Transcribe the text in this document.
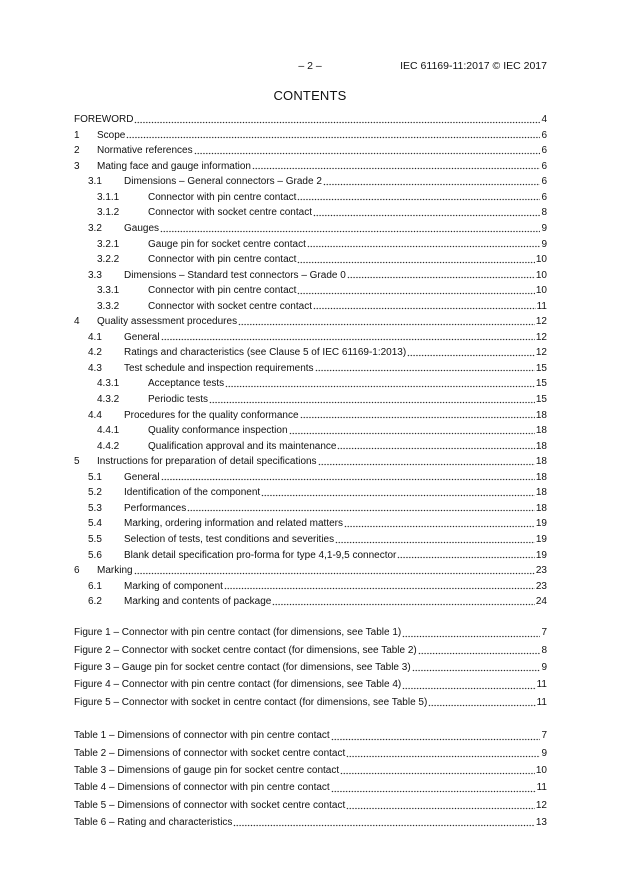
– 2 –	IEC 61169-11:2017 © IEC 2017
CONTENTS
FOREWORD	4
1	Scope	6
2	Normative references	6
3	Mating face and gauge information	6
3.1	Dimensions – General connectors – Grade 2	6
3.1.1	Connector with pin centre contact	6
3.1.2	Connector with socket centre contact	8
3.2	Gauges	9
3.2.1	Gauge pin for socket centre contact	9
3.2.2	Connector with pin centre contact	10
3.3	Dimensions – Standard test connectors – Grade 0	10
3.3.1	Connector with pin centre contact	10
3.3.2	Connector with socket centre contact	11
4	Quality assessment procedures	12
4.1	General	12
4.2	Ratings and characteristics (see Clause 5 of IEC 61169-1:2013)	12
4.3	Test schedule and inspection requirements	15
4.3.1	Acceptance tests	15
4.3.2	Periodic tests	15
4.4	Procedures for the quality conformance	18
4.4.1	Quality conformance inspection	18
4.4.2	Qualification approval and its maintenance	18
5	Instructions for preparation of detail specifications	18
5.1	General	18
5.2	Identification of the component	18
5.3	Performances	18
5.4	Marking, ordering information and related matters	19
5.5	Selection of tests, test conditions and severities	19
5.6	Blank detail specification pro-forma for type 4,1-9,5 connector	19
6	Marking	23
6.1	Marking of component	23
6.2	Marking and contents of package	24
Figure 1 – Connector with pin centre contact (for dimensions, see Table 1)	7
Figure 2 – Connector with socket centre contact (for dimensions, see Table 2)	8
Figure 3 – Gauge pin for socket centre contact (for dimensions, see Table 3)	9
Figure 4 – Connector with pin centre contact (for dimensions, see Table 4)	11
Figure 5 – Connector with socket in centre contact (for dimensions, see Table 5)	11
Table 1 – Dimensions of connector with pin centre contact	7
Table 2 – Dimensions of connector with socket centre contact	9
Table 3 – Dimensions of gauge pin for socket centre contact	10
Table 4 – Dimensions of connector with pin centre contact	11
Table 5 – Dimensions of connector with socket centre contact	12
Table 6 – Rating and characteristics	13
